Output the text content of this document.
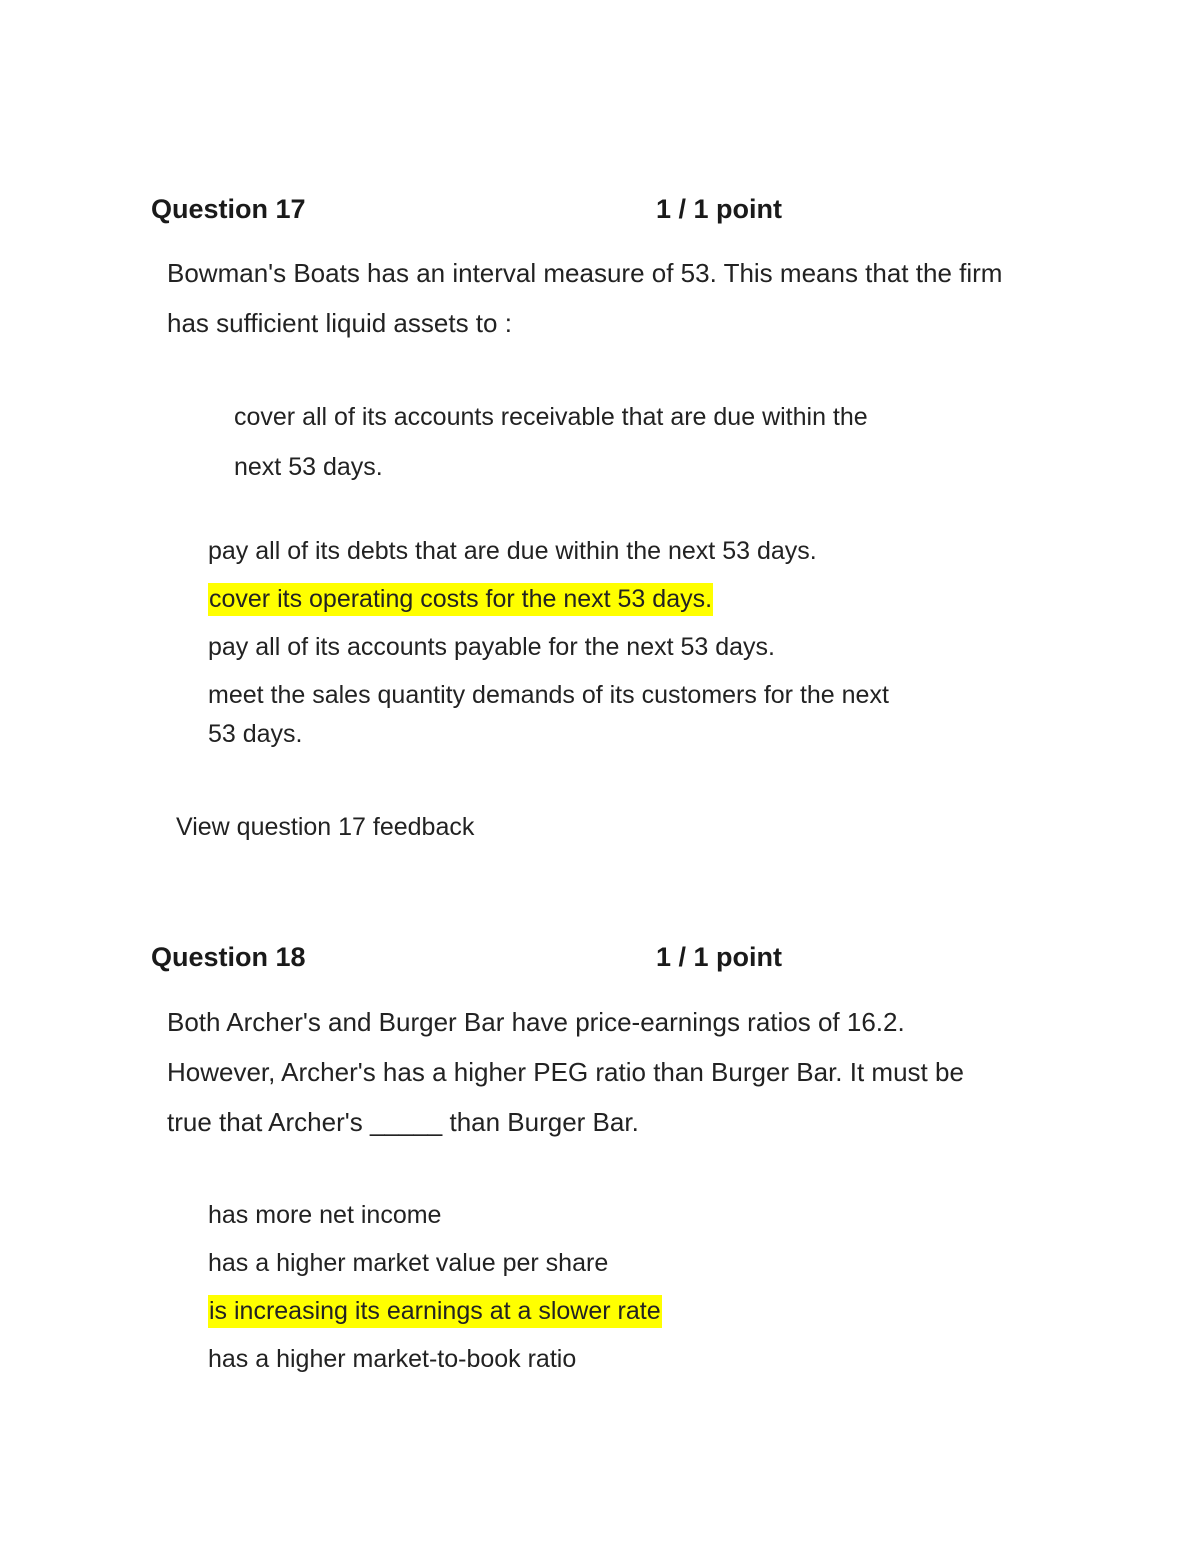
Question 17	1 / 1 point
Bowman's Boats has an interval measure of 53. This means that the firm
has sufficient liquid assets to :
cover all of its accounts receivable that are due within the
next 53 days.
pay all of its debts that are due within the next 53 days.
cover its operating costs for the next 53 days.
pay all of its accounts payable for the next 53 days.
meet the sales quantity demands of its customers for the next
53 days.
View question 17 feedback
Question 18	1 / 1 point
Both Archer's and Burger Bar have price-earnings ratios of 16.2.
However, Archer's has a higher PEG ratio than Burger Bar. It must be
true that Archer's _____ than Burger Bar.
has more net income
has a higher market value per share
is increasing its earnings at a slower rate
has a higher market-to-book ratio
